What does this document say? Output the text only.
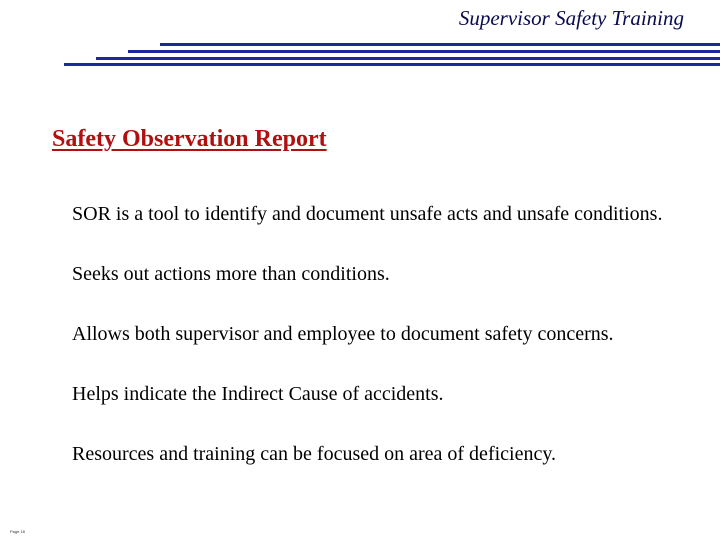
Supervisor Safety Training
Safety Observation Report
SOR is a tool to identify and document unsafe acts and unsafe conditions.
Seeks out actions more than conditions.
Allows both supervisor and employee to document safety concerns.
Helps indicate the Indirect Cause of accidents.
Resources and training can be focused on area of deficiency.
Page 18
